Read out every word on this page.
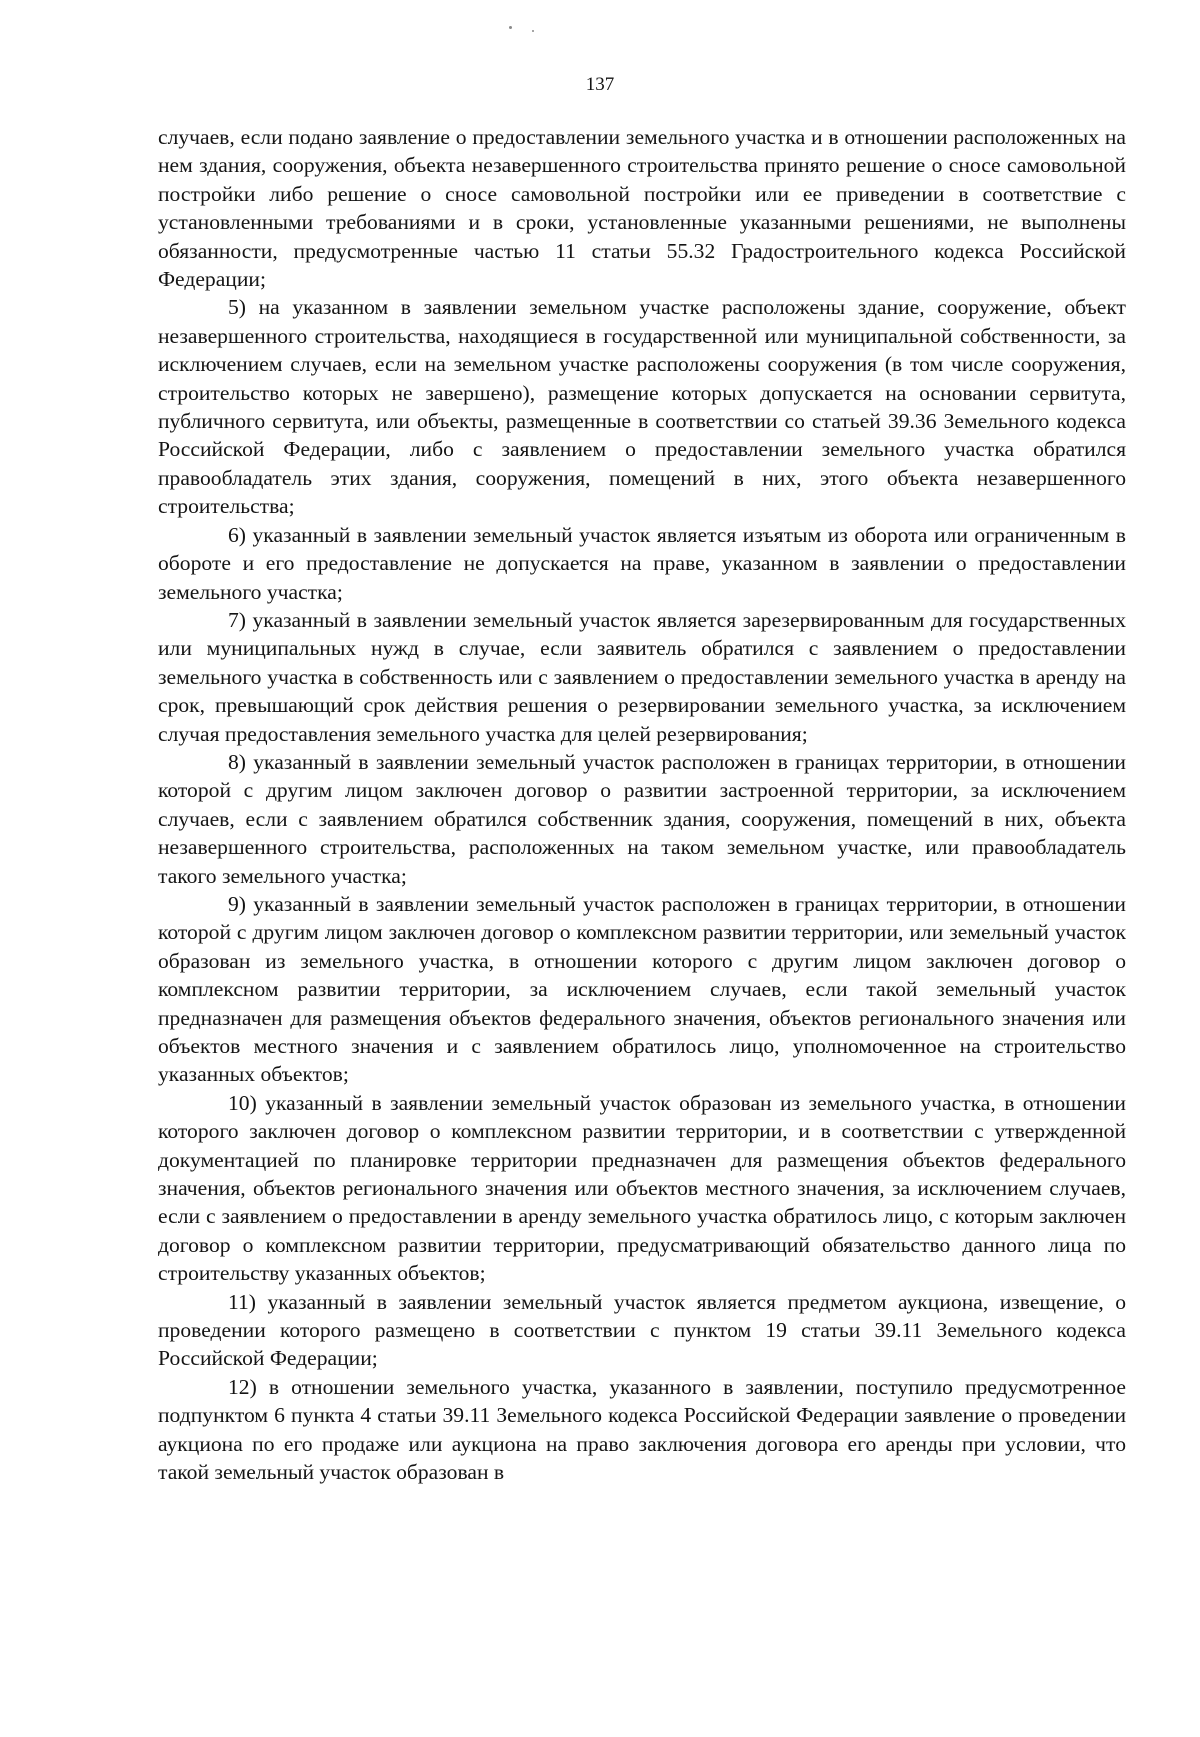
137

случаев, если подано заявление о предоставлении земельного участка и в отношении расположенных на нем здания, сооружения, объекта незавершенного строительства принято решение о сносе самовольной постройки либо решение о сносе самовольной постройки или ее приведении в соответствие с установленными требованиями и в сроки, установленные указанными решениями, не выполнены обязанности, предусмотренные частью 11 статьи 55.32 Градостроительного кодекса Российской Федерации;

5) на указанном в заявлении земельном участке расположены здание, сооружение, объект незавершенного строительства, находящиеся в государственной или муниципальной собственности, за исключением случаев, если на земельном участке расположены сооружения (в том числе сооружения, строительство которых не завершено), размещение которых допускается на основании сервитута, публичного сервитута, или объекты, размещенные в соответствии со статьей 39.36 Земельного кодекса Российской Федерации, либо с заявлением о предоставлении земельного участка обратился правообладатель этих здания, сооружения, помещений в них, этого объекта незавершенного строительства;

6) указанный в заявлении земельный участок является изъятым из оборота или ограниченным в обороте и его предоставление не допускается на праве, указанном в заявлении о предоставлении земельного участка;

7) указанный в заявлении земельный участок является зарезервированным для государственных или муниципальных нужд в случае, если заявитель обратился с заявлением о предоставлении земельного участка в собственность или с заявлением о предоставлении земельного участка в аренду на срок, превышающий срок действия решения о резервировании земельного участка, за исключением случая предоставления земельного участка для целей резервирования;

8) указанный в заявлении земельный участок расположен в границах территории, в отношении которой с другим лицом заключен договор о развитии застроенной территории, за исключением случаев, если с заявлением обратился собственник здания, сооружения, помещений в них, объекта незавершенного строительства, расположенных на таком земельном участке, или правообладатель такого земельного участка;

9) указанный в заявлении земельный участок расположен в границах территории, в отношении которой с другим лицом заключен договор о комплексном развитии территории, или земельный участок образован из земельного участка, в отношении которого с другим лицом заключен договор о комплексном развитии территории, за исключением случаев, если такой земельный участок предназначен для размещения объектов федерального значения, объектов регионального значения или объектов местного значения и с заявлением обратилось лицо, уполномоченное на строительство указанных объектов;

10) указанный в заявлении земельный участок образован из земельного участка, в отношении которого заключен договор о комплексном развитии территории, и в соответствии с утвержденной документацией по планировке территории предназначен для размещения объектов федерального значения, объектов регионального значения или объектов местного значения, за исключением случаев, если с заявлением о предоставлении в аренду земельного участка обратилось лицо, с которым заключен договор о комплексном развитии территории, предусматривающий обязательство данного лица по строительству указанных объектов;

11) указанный в заявлении земельный участок является предметом аукциона, извещение, о проведении которого размещено в соответствии с пунктом 19 статьи 39.11 Земельного кодекса Российской Федерации;

12) в отношении земельного участка, указанного в заявлении, поступило предусмотренное подпунктом 6 пункта 4 статьи 39.11 Земельного кодекса Российской Федерации заявление о проведении аукциона по его продаже или аукциона на право заключения договора его аренды при условии, что такой земельный участок образован в
